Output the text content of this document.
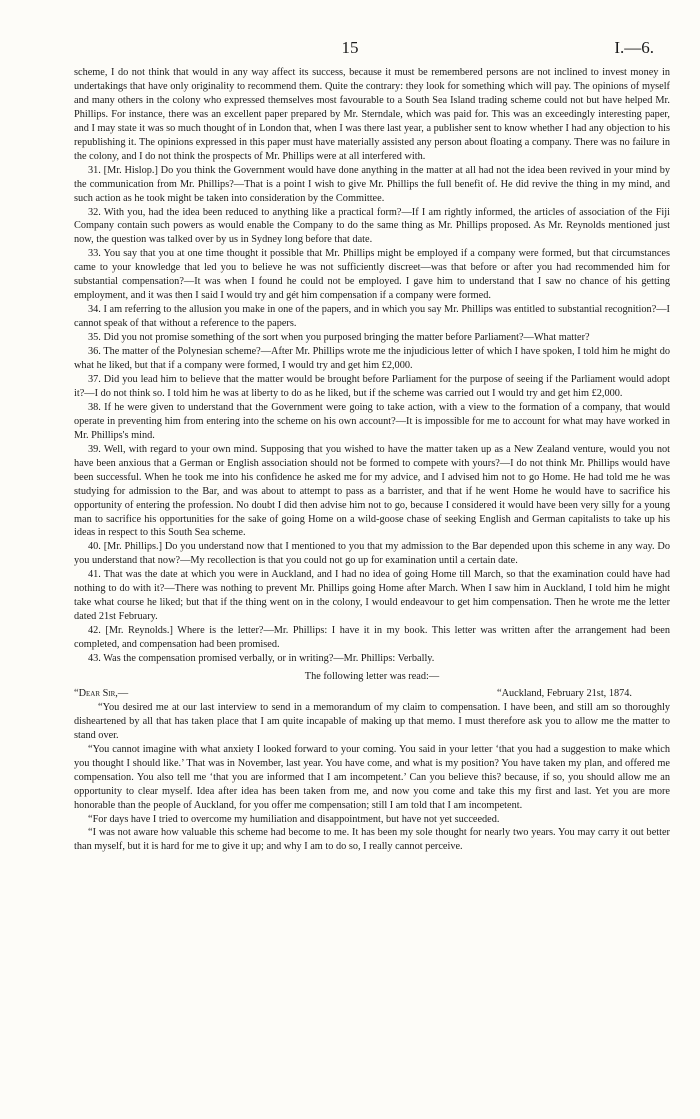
15	I.—6.

scheme, I do not think that would in any way affect its success, because it must be remembered persons are not inclined to invest money in undertakings that have only originality to recommend them. Quite the contrary: they look for something which will pay. The opinions of myself and many others in the colony who expressed themselves most favourable to a South Sea Island trading scheme could not but have helped Mr. Phillips. For instance, there was an excellent paper prepared by Mr. Sterndale, which was paid for. This was an exceedingly interesting paper, and I may state it was so much thought of in London that, when I was there last year, a publisher sent to know whether I had any objection to his republishing it. The opinions expressed in this paper must have materially assisted any person about floating a company. There was no failure in the colony, and I do not think the prospects of Mr. Phillips were at all interfered with.

31. [Mr. Hislop.] Do you think the Government would have done anything in the matter at all had not the idea been revived in your mind by the communication from Mr. Phillips?—That is a point I wish to give Mr. Phillips the full benefit of. He did revive the thing in my mind, and such action as he took might be taken into consideration by the Committee.

32. With you, had the idea been reduced to anything like a practical form?—If I am rightly informed, the articles of association of the Fiji Company contain such powers as would enable the Company to do the same thing as Mr. Phillips proposed. As Mr. Reynolds mentioned just now, the question was talked over by us in Sydney long before that date.

33. You say that you at one time thought it possible that Mr. Phillips might be employed if a company were formed, but that circumstances came to your knowledge that led you to believe he was not sufficiently discreet—was that before or after you had recommended him for substantial compensation?—It was when I found he could not be employed. I gave him to understand that I saw no chance of his getting employment, and it was then I said I would try and gét him compensation if a company were formed.

34. I am referring to the allusion you make in one of the papers, and in which you say Mr. Phillips was entitled to substantial recognition?—I cannot speak of that without a reference to the papers.

35. Did you not promise something of the sort when you purposed bringing the matter before Parliament?—What matter?

36. The matter of the Polynesian scheme?—After Mr. Phillips wrote me the injudicious letter of which I have spoken, I told him he might do what he liked, but that if a company were formed, I would try and get him £2,000.

37. Did you lead him to believe that the matter would be brought before Parliament for the purpose of seeing if the Parliament would adopt it?—I do not think so. I told him he was at liberty to do as he liked, but if the scheme was carried out I would try and get him £2,000.

38. If he were given to understand that the Government were going to take action, with a view to the formation of a company, that would operate in preventing him from entering into the scheme on his own account?—It is impossible for me to account for what may have worked in Mr. Phillips's mind.

39. Well, with regard to your own mind. Supposing that you wished to have the matter taken up as a New Zealand venture, would you not have been anxious that a German or English association should not be formed to compete with yours?—I do not think Mr. Phillips would have been successful. When he took me into his confidence he asked me for my advice, and I advised him not to go Home. He had told me he was studying for admission to the Bar, and was about to attempt to pass as a barrister, and that if he went Home he would have to sacrifice his opportunity of entering the profession. No doubt I did then advise him not to go, because I considered it would have been very silly for a young man to sacrifice his opportunities for the sake of going Home on a wild-goose chase of seeking English and German capitalists to take up his ideas in respect to this South Sea scheme.

40. [Mr. Phillips.] Do you understand now that I mentioned to you that my admission to the Bar depended upon this scheme in any way. Do you understand that now?—My recollection is that you could not go up for examination until a certain date.

41. That was the date at which you were in Auckland, and I had no idea of going Home till March, so that the examination could have had nothing to do with it?—There was nothing to prevent Mr. Phillips going Home after March. When I saw him in Auckland, I told him he might take what course he liked; but that if the thing went on in the colony, I would endeavour to get him compensation. Then he wrote me the letter dated 21st February.

42. [Mr. Reynolds.] Where is the letter?—Mr. Phillips: I have it in my book. This letter was written after the arrangement had been completed, and compensation had been promised.

43. Was the compensation promised verbally, or in writing?—Mr. Phillips: Verbally.

The following letter was read:—

“Dear Sir,—	“Auckland, February 21st, 1874.

“You desired me at our last interview to send in a memorandum of my claim to compensation. I have been, and still am so thoroughly disheartened by all that has taken place that I am quite incapable of making up that memo. I must therefore ask you to allow me the matter to stand over.

“You cannot imagine with what anxiety I looked forward to your coming. You said in your letter ‘that you had a suggestion to make which you thought I should like.’ That was in November, last year. You have come, and what is my position? You have taken my plan, and offered me compensation. You also tell me ‘that you are informed that I am incompetent.’ Can you believe this? because, if so, you should allow me an opportunity to clear myself. Idea after idea has been taken from me, and now you come and take this my first and last. Yet you are more honorable than the people of Auckland, for you offer me compensation; still I am told that I am incompetent.

“For days have I tried to overcome my humiliation and disappointment, but have not yet succeeded.

“I was not aware how valuable this scheme had become to me. It has been my sole thought for nearly two years. You may carry it out better than myself, but it is hard for me to give it up; and why I am to do so, I really cannot perceive.
